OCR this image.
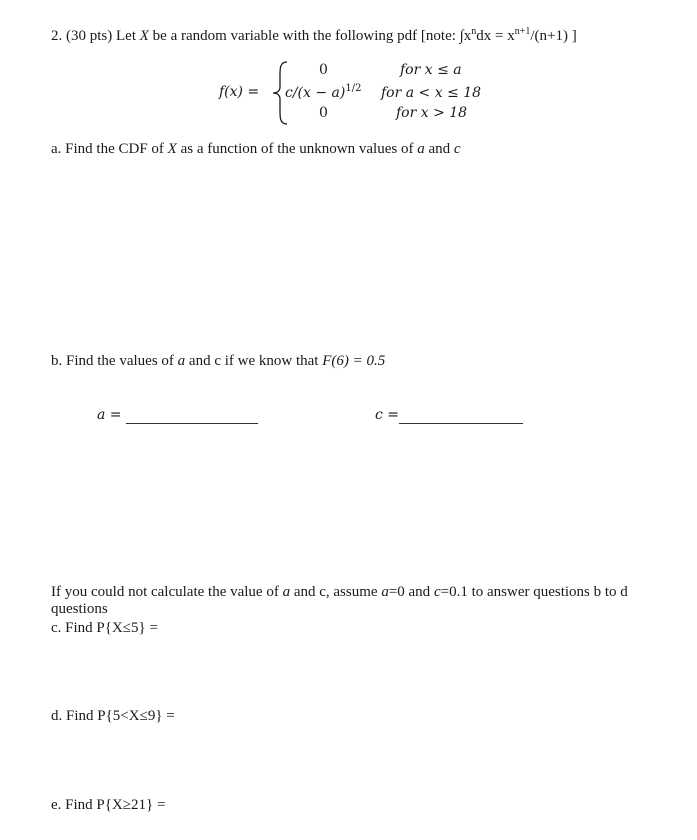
2. (30 pts) Let X be a random variable with the following pdf [note: $\int x^ndx = x^{n+1}/(n+1)$ ]
f(x) =
0	for x ≤ a
$c/(x - a)^{1/2}$ for a < x ≤ 18
0	for x > 18
a. Find the CDF of X as a function of the unknown values of a and c
b. Find the values of a and c if we know that F(6) = 0.5
a =	c =
If you could not calculate the value of a and c, assume a=0 and c=0.1 to answer questions b to d
questions
c. Find P{X≤5} =
d. Find P{5<X≤9} =
e. Find P{X≥21} =
